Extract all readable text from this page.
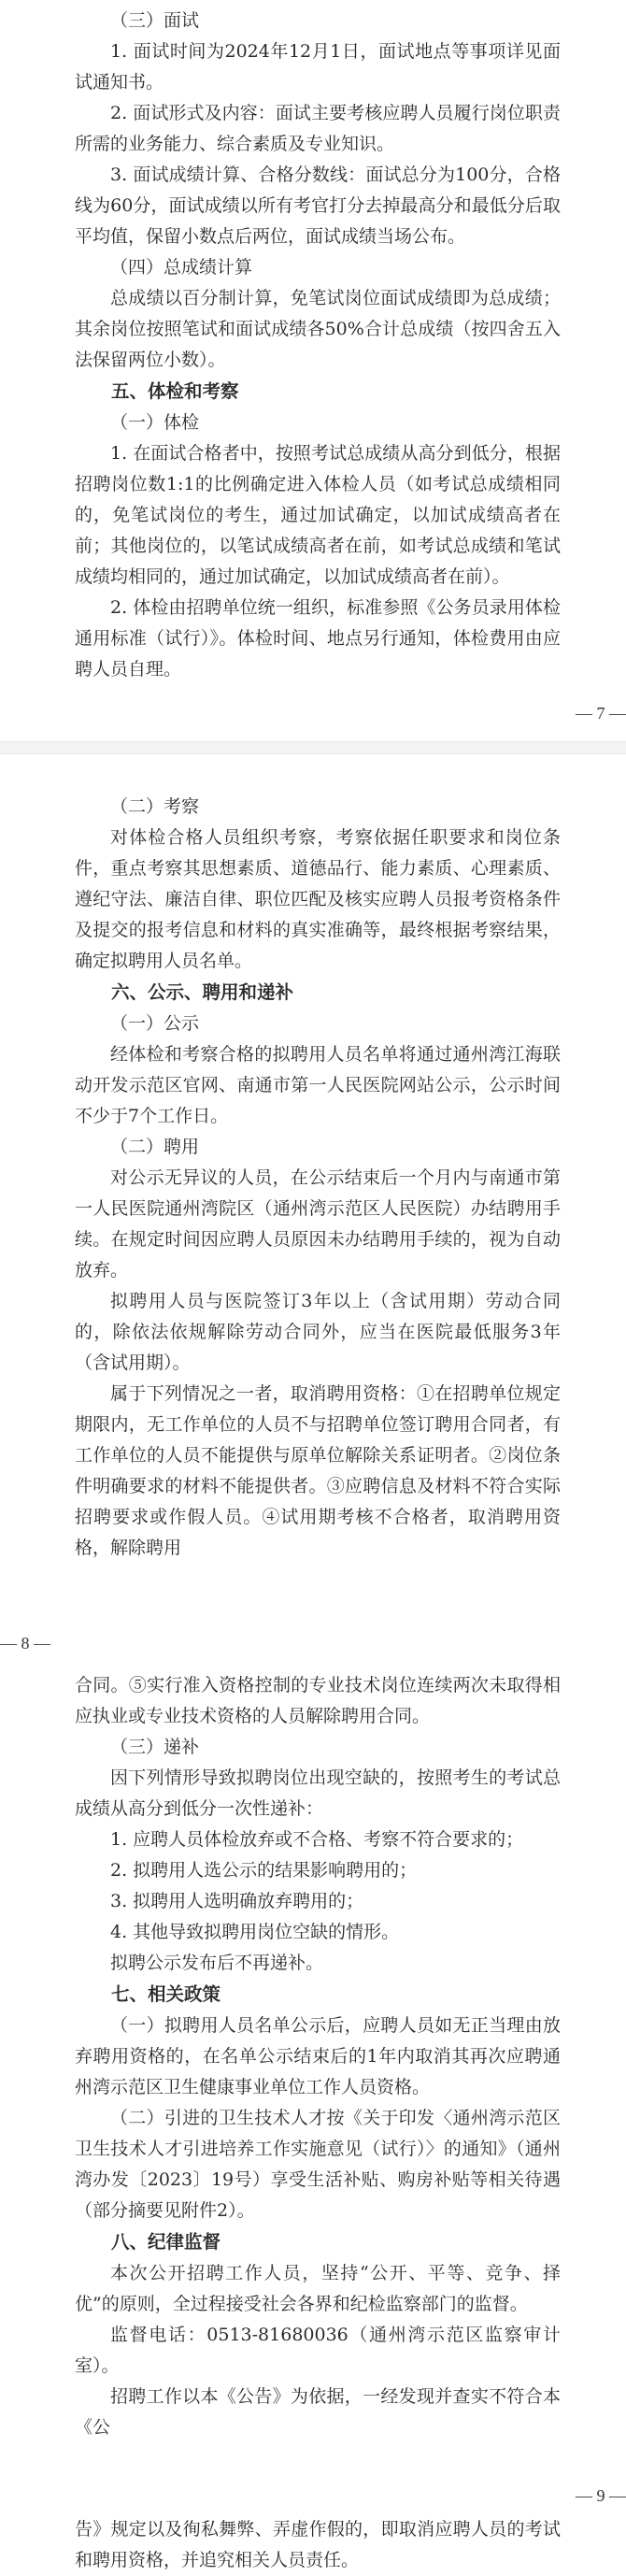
（三）面试

1. 面试时间为2024年12月1日，面试地点等事项详见面试通知书。

2. 面试形式及内容：面试主要考核应聘人员履行岗位职责所需的业务能力、综合素质及专业知识。

3. 面试成绩计算、合格分数线：面试总分为100分，合格线为60分，面试成绩以所有考官打分去掉最高分和最低分后取平均值，保留小数点后两位，面试成绩当场公布。

（四）总成绩计算

总成绩以百分制计算，免笔试岗位面试成绩即为总成绩；其余岗位按照笔试和面试成绩各50%合计总成绩（按四舍五入法保留两位小数）。

五、体检和考察

（一）体检

1. 在面试合格者中，按照考试总成绩从高分到低分，根据招聘岗位数1:1的比例确定进入体检人员（如考试总成绩相同的，免笔试岗位的考生，通过加试确定，以加试成绩高者在前；其他岗位的，以笔试成绩高者在前，如考试总成绩和笔试成绩均相同的，通过加试确定，以加试成绩高者在前）。

2. 体检由招聘单位统一组织，标准参照《公务员录用体检通用标准（试行）》。体检时间、地点另行通知，体检费用由应聘人员自理。

— 7 —

（二）考察

对体检合格人员组织考察，考察依据任职要求和岗位条件，重点考察其思想素质、道德品行、能力素质、心理素质、遵纪守法、廉洁自律、职位匹配及核实应聘人员报考资格条件及提交的报考信息和材料的真实准确等，最终根据考察结果，确定拟聘用人员名单。

六、公示、聘用和递补

（一）公示

经体检和考察合格的拟聘用人员名单将通过通州湾江海联动开发示范区官网、南通市第一人民医院网站公示，公示时间不少于7个工作日。

（二）聘用

对公示无异议的人员，在公示结束后一个月内与南通市第一人民医院通州湾院区（通州湾示范区人民医院）办结聘用手续。在规定时间因应聘人员原因未办结聘用手续的，视为自动放弃。

拟聘用人员与医院签订3年以上（含试用期）劳动合同的，除依法依规解除劳动合同外，应当在医院最低服务3年（含试用期）。

属于下列情况之一者，取消聘用资格：①在招聘单位规定期限内，无工作单位的人员不与招聘单位签订聘用合同者，有工作单位的人员不能提供与原单位解除关系证明者。②岗位条件明确要求的材料不能提供者。③应聘信息及材料不符合实际招聘要求或作假人员。④试用期考核不合格者，取消聘用资格，解除聘用

— 8 —

合同。⑤实行准入资格控制的专业技术岗位连续两次未取得相应执业或专业技术资格的人员解除聘用合同。

（三）递补

因下列情形导致拟聘岗位出现空缺的，按照考生的考试总成绩从高分到低分一次性递补：

1. 应聘人员体检放弃或不合格、考察不符合要求的；

2. 拟聘用人选公示的结果影响聘用的；

3. 拟聘用人选明确放弃聘用的；

4. 其他导致拟聘用岗位空缺的情形。

拟聘公示发布后不再递补。

七、相关政策

（一）拟聘用人员名单公示后，应聘人员如无正当理由放弃聘用资格的，在名单公示结束后的1年内取消其再次应聘通州湾示范区卫生健康事业单位工作人员资格。

（二）引进的卫生技术人才按《关于印发〈通州湾示范区卫生技术人才引进培养工作实施意见（试行）〉的通知》（通州湾办发〔2023〕19号）享受生活补贴、购房补贴等相关待遇（部分摘要见附件2）。

八、纪律监督

本次公开招聘工作人员，坚持“公开、平等、竞争、择优”的原则，全过程接受社会各界和纪检监察部门的监督。

监督电话：0513-81680036（通州湾示范区监察审计室）。

招聘工作以本《公告》为依据，一经发现并查实不符合本《公

— 9 —

告》规定以及徇私舞弊、弄虚作假的，即取消应聘人员的考试和聘用资格，并追究相关人员责任。
